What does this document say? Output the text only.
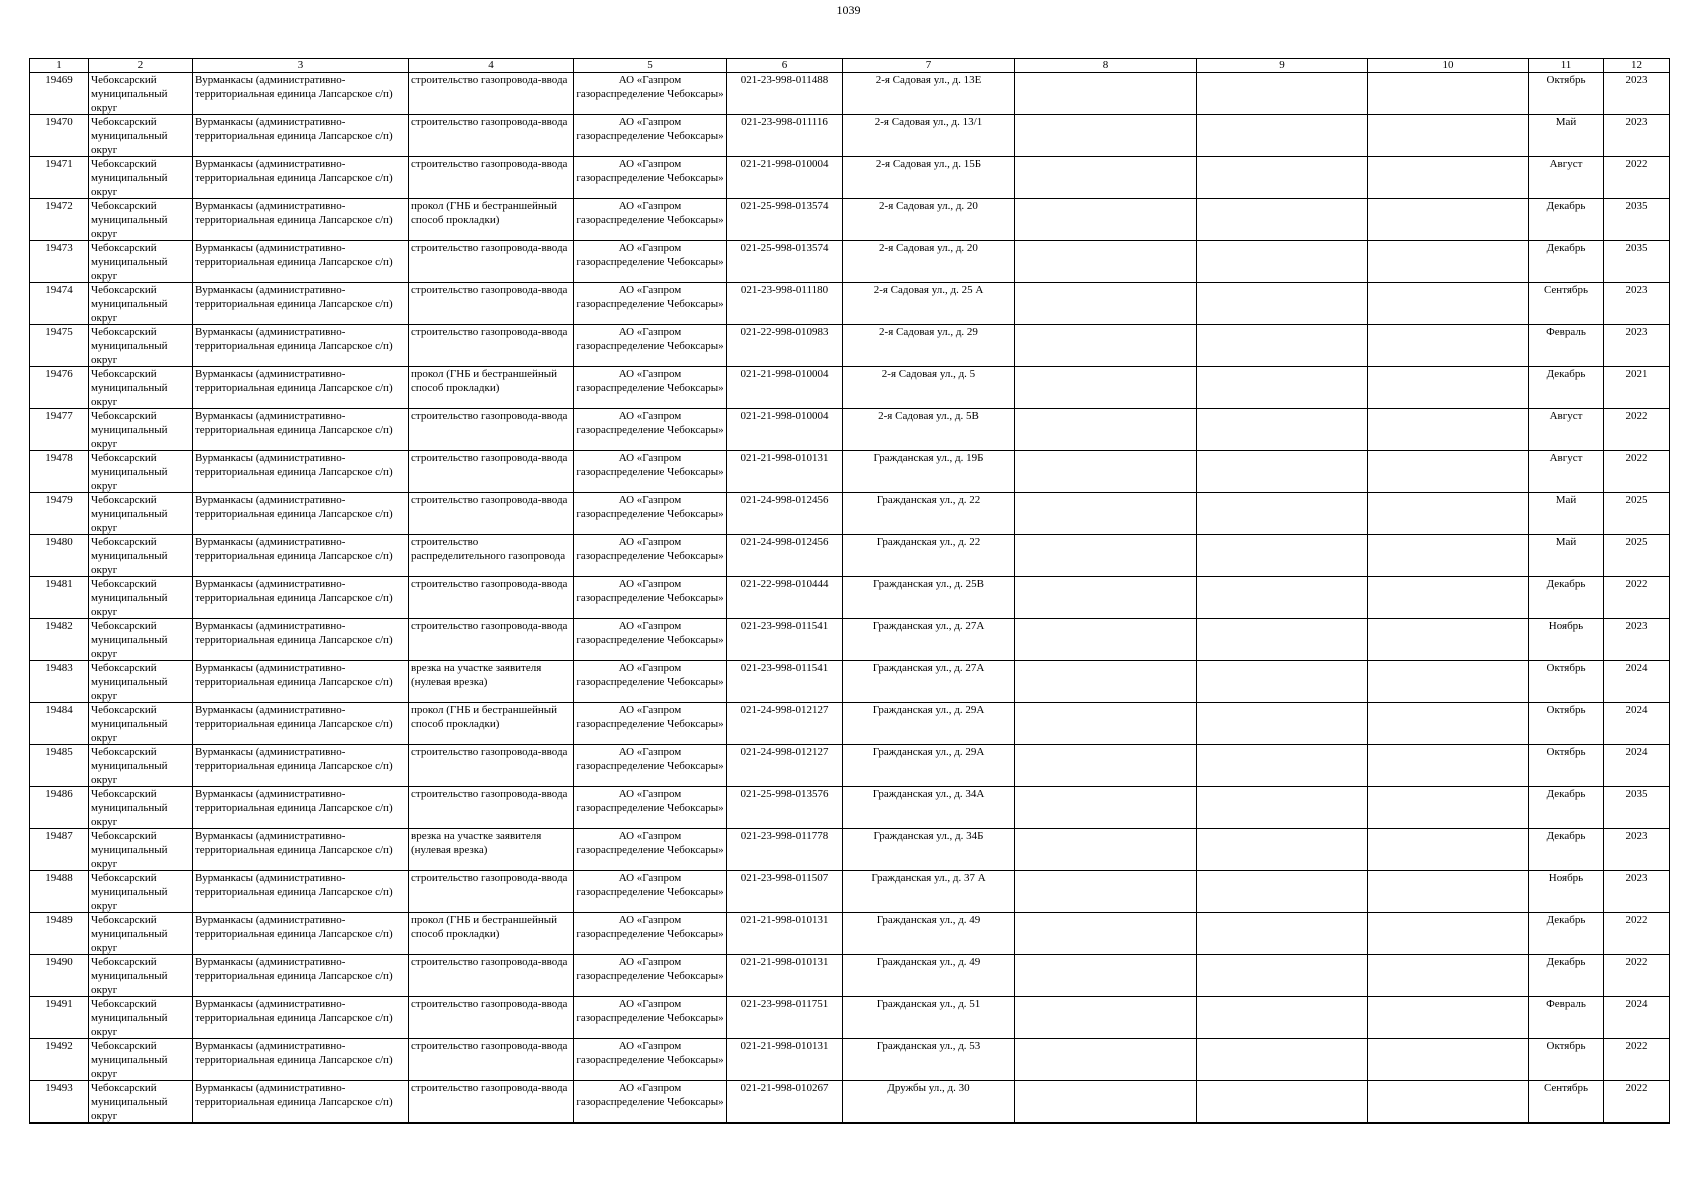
1039
1	2	3	4	5	6	7	8	9	10	11	12

19469	Чебоксарский муниципальный округ	Вурманкасы (административно-территориальная единица Лапсарское с/п)	строительство газопровода-ввода	АО «Газпром газораспределение Чебоксары»	021-23-998-011488	2-я Садовая ул., д. 13Е				Октябрь	2023

19470	Чебоксарский муниципальный округ	Вурманкасы (административно-территориальная единица Лапсарское с/п)	строительство газопровода-ввода	АО «Газпром газораспределение Чебоксары»	021-23-998-011116	2-я Садовая ул., д. 13/1				Май	2023

19471	Чебоксарский муниципальный округ	Вурманкасы (административно-территориальная единица Лапсарское с/п)	строительство газопровода-ввода	АО «Газпром газораспределение Чебоксары»	021-21-998-010004	2-я Садовая ул., д. 15Б				Август	2022

19472	Чебоксарский муниципальный округ	Вурманкасы (административно-территориальная единица Лапсарское с/п)	прокол (ГНБ и бестраншейный способ прокладки)	АО «Газпром газораспределение Чебоксары»	021-25-998-013574	2-я Садовая ул., д. 20				Декабрь	2035

19473	Чебоксарский муниципальный округ	Вурманкасы (административно-территориальная единица Лапсарское с/п)	строительство газопровода-ввода	АО «Газпром газораспределение Чебоксары»	021-25-998-013574	2-я Садовая ул., д. 20				Декабрь	2035

19474	Чебоксарский муниципальный округ	Вурманкасы (административно-территориальная единица Лапсарское с/п)	строительство газопровода-ввода	АО «Газпром газораспределение Чебоксары»	021-23-998-011180	2-я Садовая ул., д. 25 А				Сентябрь	2023

19475	Чебоксарский муниципальный округ	Вурманкасы (административно-территориальная единица Лапсарское с/п)	строительство газопровода-ввода	АО «Газпром газораспределение Чебоксары»	021-22-998-010983	2-я Садовая ул., д. 29				Февраль	2023

19476	Чебоксарский муниципальный округ	Вурманкасы (административно-территориальная единица Лапсарское с/п)	прокол (ГНБ и бестраншейный способ прокладки)	АО «Газпром газораспределение Чебоксары»	021-21-998-010004	2-я Садовая ул., д. 5				Декабрь	2021

19477	Чебоксарский муниципальный округ	Вурманкасы (административно-территориальная единица Лапсарское с/п)	строительство газопровода-ввода	АО «Газпром газораспределение Чебоксары»	021-21-998-010004	2-я Садовая ул., д. 5В				Август	2022

19478	Чебоксарский муниципальный округ	Вурманкасы (административно-территориальная единица Лапсарское с/п)	строительство газопровода-ввода	АО «Газпром газораспределение Чебоксары»	021-21-998-010131	Гражданская ул., д. 19Б				Август	2022

19479	Чебоксарский муниципальный округ	Вурманкасы (административно-территориальная единица Лапсарское с/п)	строительство газопровода-ввода	АО «Газпром газораспределение Чебоксары»	021-24-998-012456	Гражданская ул., д. 22				Май	2025

19480	Чебоксарский муниципальный округ	Вурманкасы (административно-территориальная единица Лапсарское с/п)	строительство распределительного газопровода	АО «Газпром газораспределение Чебоксары»	021-24-998-012456	Гражданская ул., д. 22				Май	2025

19481	Чебоксарский муниципальный округ	Вурманкасы (административно-территориальная единица Лапсарское с/п)	строительство газопровода-ввода	АО «Газпром газораспределение Чебоксары»	021-22-998-010444	Гражданская ул., д. 25В				Декабрь	2022

19482	Чебоксарский муниципальный округ	Вурманкасы (административно-территориальная единица Лапсарское с/п)	строительство газопровода-ввода	АО «Газпром газораспределение Чебоксары»	021-23-998-011541	Гражданская ул., д. 27А				Ноябрь	2023

19483	Чебоксарский муниципальный округ	Вурманкасы (административно-территориальная единица Лапсарское с/п)	врезка на участке заявителя (нулевая врезка)	АО «Газпром газораспределение Чебоксары»	021-23-998-011541	Гражданская ул., д. 27А				Октябрь	2024

19484	Чебоксарский муниципальный округ	Вурманкасы (административно-территориальная единица Лапсарское с/п)	прокол (ГНБ и бестраншейный способ прокладки)	АО «Газпром газораспределение Чебоксары»	021-24-998-012127	Гражданская ул., д. 29А				Октябрь	2024

19485	Чебоксарский муниципальный округ	Вурманкасы (административно-территориальная единица Лапсарское с/п)	строительство газопровода-ввода	АО «Газпром газораспределение Чебоксары»	021-24-998-012127	Гражданская ул., д. 29А				Октябрь	2024

19486	Чебоксарский муниципальный округ	Вурманкасы (административно-территориальная единица Лапсарское с/п)	строительство газопровода-ввода	АО «Газпром газораспределение Чебоксары»	021-25-998-013576	Гражданская ул., д. 34А				Декабрь	2035

19487	Чебоксарский муниципальный округ	Вурманкасы (административно-территориальная единица Лапсарское с/п)	врезка на участке заявителя (нулевая врезка)	АО «Газпром газораспределение Чебоксары»	021-23-998-011778	Гражданская ул., д. 34Б				Декабрь	2023

19488	Чебоксарский муниципальный округ	Вурманкасы (административно-территориальная единица Лапсарское с/п)	строительство газопровода-ввода	АО «Газпром газораспределение Чебоксары»	021-23-998-011507	Гражданская ул., д. 37 А				Ноябрь	2023

19489	Чебоксарский муниципальный округ	Вурманкасы (административно-территориальная единица Лапсарское с/п)	прокол (ГНБ и бестраншейный способ прокладки)	АО «Газпром газораспределение Чебоксары»	021-21-998-010131	Гражданская ул., д. 49				Декабрь	2022

19490	Чебоксарский муниципальный округ	Вурманкасы (административно-территориальная единица Лапсарское с/п)	строительство газопровода-ввода	АО «Газпром газораспределение Чебоксары»	021-21-998-010131	Гражданская ул., д. 49				Декабрь	2022

19491	Чебоксарский муниципальный округ	Вурманкасы (административно-территориальная единица Лапсарское с/п)	строительство газопровода-ввода	АО «Газпром газораспределение Чебоксары»	021-23-998-011751	Гражданская ул., д. 51				Февраль	2024

19492	Чебоксарский муниципальный округ	Вурманкасы (административно-территориальная единица Лапсарское с/п)	строительство газопровода-ввода	АО «Газпром газораспределение Чебоксары»	021-21-998-010131	Гражданская ул., д. 53				Октябрь	2022

19493	Чебоксарский муниципальный округ	Вурманкасы (административно-территориальная единица Лапсарское с/п)	строительство газопровода-ввода	АО «Газпром газораспределение Чебоксары»	021-21-998-010267	Дружбы ул., д. 30				Сентябрь	2022
